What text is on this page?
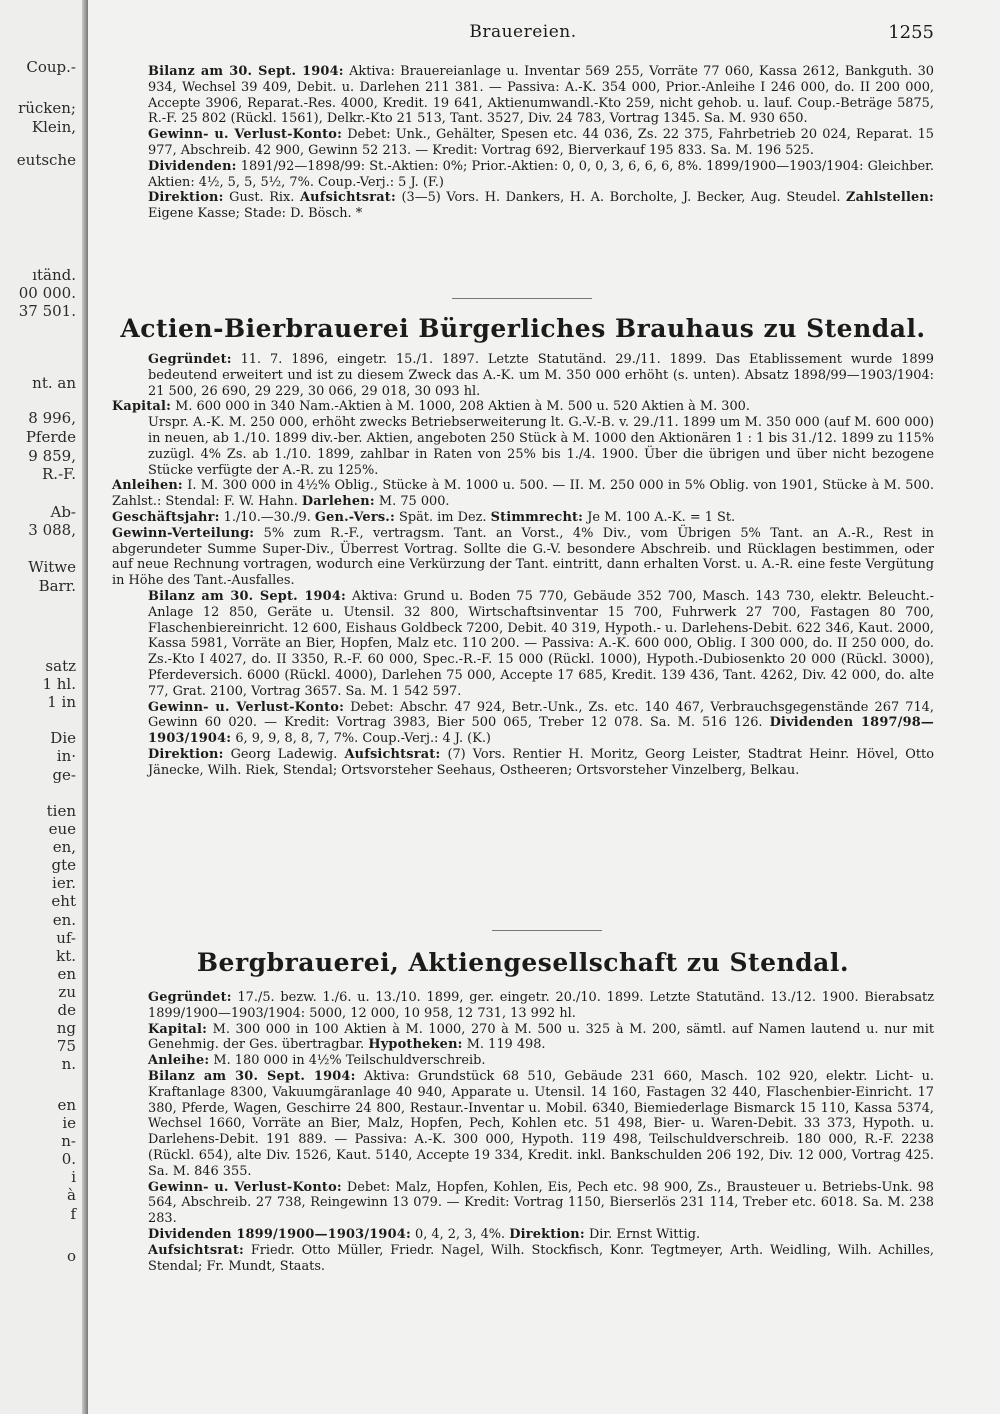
Coup.-
rücken;
Klein,
eutsche
ıtänd.
00 000.
37 501.
nt. an
8 996,
Pferde
9 859,
R.-F.
Ab-
3 088,
Witwe
Barr.
satz
1 hl.
1 in
Die
in·
ge-
tien
eue
en,
gte
ier.
eht
en.
uf-
kt.
en
zu
de
ng
75
n.
en
ie
n-
0.
i
à
f
o
Brauereien.	1255

Bilanz am 30. Sept. 1904: Aktiva: Brauereianlage u. Inventar 569 255, Vorräte 77 060, Kassa 2612, Bankguth. 30 934, Wechsel 39 409, Debit. u. Darlehen 211 381. — Passiva: A.-K. 354 000, Prior.-Anleihe I 246 000, do. II 200 000, Accepte 3906, Reparat.-Res. 4000, Kredit. 19 641, Aktienumwandl.-Kto 259, nicht gehob. u. lauf. Coup.-Beträge 5875, R.-F. 25 802 (Rückl. 1561), Delkr.-Kto 21 513, Tant. 3527, Div. 24 783, Vortrag 1345. Sa. M. 930 650.

Gewinn- u. Verlust-Konto: Debet: Unk., Gehälter, Spesen etc. 44 036, Zs. 22 375, Fahrbetrieb 20 024, Reparat. 15 977, Abschreib. 42 900, Gewinn 52 213. — Kredit: Vortrag 692, Bierverkauf 195 833. Sa. M. 196 525.

Dividenden: 1891/92—1898/99: St.-Aktien: 0%; Prior.-Aktien: 0, 0, 0, 3, 6, 6, 6, 8%. 1899/1900—1903/1904: Gleichber. Aktien: 4½, 5, 5, 5½, 7%. Coup.-Verj.: 5 J. (F.)

Direktion: Gust. Rix. Aufsichtsrat: (3—5) Vors. H. Dankers, H. A. Borcholte, J. Becker, Aug. Steudel. Zahlstellen: Eigene Kasse; Stade: D. Bösch. *

Actien-Bierbrauerei Bürgerliches Brauhaus zu Stendal.

Gegründet: 11. 7. 1896, eingetr. 15./1. 1897. Letzte Statutänd. 29./11. 1899. Das Etablissement wurde 1899 bedeutend erweitert und ist zu diesem Zweck das A.-K. um M. 350 000 erhöht (s. unten). Absatz 1898/99—1903/1904: 21 500, 26 690, 29 229, 30 066, 29 018, 30 093 hl.

Kapital: M. 600 000 in 340 Nam.-Aktien à M. 1000, 208 Aktien à M. 500 u. 520 Aktien à M. 300.

Urspr. A.-K. M. 250 000, erhöht zwecks Betriebserweiterung lt. G.-V.-B. v. 29./11. 1899 um M. 350 000 (auf M. 600 000) in neuen, ab 1./10. 1899 div.-ber. Aktien, angeboten 250 Stück à M. 1000 den Aktionären 1 : 1 bis 31./12. 1899 zu 115% zuzügl. 4% Zs. ab 1./10. 1899, zahlbar in Raten von 25% bis 1./4. 1900. Über die übrigen und über nicht bezogene Stücke verfügte der A.-R. zu 125%.

Anleihen: I. M. 300 000 in 4½% Oblig., Stücke à M. 1000 u. 500. — II. M. 250 000 in 5% Oblig. von 1901, Stücke à M. 500. Zahlst.: Stendal: F. W. Hahn. Darlehen: M. 75 000.

Geschäftsjahr: 1./10.—30./9. Gen.-Vers.: Spät. im Dez. Stimmrecht: Je M. 100 A.-K. = 1 St.

Gewinn-Verteilung: 5% zum R.-F., vertragsm. Tant. an Vorst., 4% Div., vom Übrigen 5% Tant. an A.-R., Rest in abgerundeter Summe Super-Div., Überrest Vortrag. Sollte die G.-V. besondere Abschreib. und Rücklagen bestimmen, oder auf neue Rechnung vortragen, wodurch eine Verkürzung der Tant. eintritt, dann erhalten Vorst. u. A.-R. eine feste Vergütung in Höhe des Tant.-Ausfalles.

Bilanz am 30. Sept. 1904: Aktiva: Grund u. Boden 75 770, Gebäude 352 700, Masch. 143 730, elektr. Beleucht.-Anlage 12 850, Geräte u. Utensil. 32 800, Wirtschaftsinventar 15 700, Fuhrwerk 27 700, Fastagen 80 700, Flaschenbiereinricht. 12 600, Eishaus Goldbeck 7200, Debit. 40 319, Hypoth.- u. Darlehens-Debit. 622 346, Kaut. 2000, Kassa 5981, Vorräte an Bier, Hopfen, Malz etc. 110 200. — Passiva: A.-K. 600 000, Oblig. I 300 000, do. II 250 000, do. Zs.-Kto I 4027, do. II 3350, R.-F. 60 000, Spec.-R.-F. 15 000 (Rückl. 1000), Hypoth.-Dubiosenkto 20 000 (Rückl. 3000), Pferdeversich. 6000 (Rückl. 4000), Darlehen 75 000, Accepte 17 685, Kredit. 139 436, Tant. 4262, Div. 42 000, do. alte 77, Grat. 2100, Vortrag 3657. Sa. M. 1 542 597.

Gewinn- u. Verlust-Konto: Debet: Abschr. 47 924, Betr.-Unk., Zs. etc. 140 467, Verbrauchsgegenstände 267 714, Gewinn 60 020. — Kredit: Vortrag 3983, Bier 500 065, Treber 12 078. Sa. M. 516 126. Dividenden 1897/98—1903/1904: 6, 9, 9, 8, 8, 7, 7%. Coup.-Verj.: 4 J. (K.)

Direktion: Georg Ladewig. Aufsichtsrat: (7) Vors. Rentier H. Moritz, Georg Leister, Stadtrat Heinr. Hövel, Otto Jänecke, Wilh. Riek, Stendal; Ortsvorsteher Seehaus, Ostheeren; Ortsvorsteher Vinzelberg, Belkau.

Bergbrauerei, Aktiengesellschaft zu Stendal.

Gegründet: 17./5. bezw. 1./6. u. 13./10. 1899, ger. eingetr. 20./10. 1899. Letzte Statutänd. 13./12. 1900. Bierabsatz 1899/1900—1903/1904: 5000, 12 000, 10 958, 12 731, 13 992 hl.

Kapital: M. 300 000 in 100 Aktien à M. 1000, 270 à M. 500 u. 325 à M. 200, sämtl. auf Namen lautend u. nur mit Genehmig. der Ges. übertragbar. Hypotheken: M. 119 498.

Anleihe: M. 180 000 in 4½% Teilschuldverschreib.

Bilanz am 30. Sept. 1904: Aktiva: Grundstück 68 510, Gebäude 231 660, Masch. 102 920, elektr. Licht- u. Kraftanlage 8300, Vakuumgäranlage 40 940, Apparate u. Utensil. 14 160, Fastagen 32 440, Flaschenbier-Einricht. 17 380, Pferde, Wagen, Geschirre 24 800, Restaur.-Inventar u. Mobil. 6340, Biemiederlage Bismarck 15 110, Kassa 5374, Wechsel 1660, Vorräte an Bier, Malz, Hopfen, Pech, Kohlen etc. 51 498, Bier- u. Waren-Debit. 33 373, Hypoth. u. Darlehens-Debit. 191 889. — Passiva: A.-K. 300 000, Hypoth. 119 498, Teilschuldverschreib. 180 000, R.-F. 2238 (Rückl. 654), alte Div. 1526, Kaut. 5140, Accepte 19 334, Kredit. inkl. Bankschulden 206 192, Div. 12 000, Vortrag 425. Sa. M. 846 355.

Gewinn- u. Verlust-Konto: Debet: Malz, Hopfen, Kohlen, Eis, Pech etc. 98 900, Zs., Brausteuer u. Betriebs-Unk. 98 564, Abschreib. 27 738, Reingewinn 13 079. — Kredit: Vortrag 1150, Bierserlös 231 114, Treber etc. 6018. Sa. M. 238 283.

Dividenden 1899/1900—1903/1904: 0, 4, 2, 3, 4%. Direktion: Dir. Ernst Wittig.

Aufsichtsrat: Friedr. Otto Müller, Friedr. Nagel, Wilh. Stockfisch, Konr. Tegtmeyer, Arth. Weidling, Wilh. Achilles, Stendal; Fr. Mundt, Staats.
